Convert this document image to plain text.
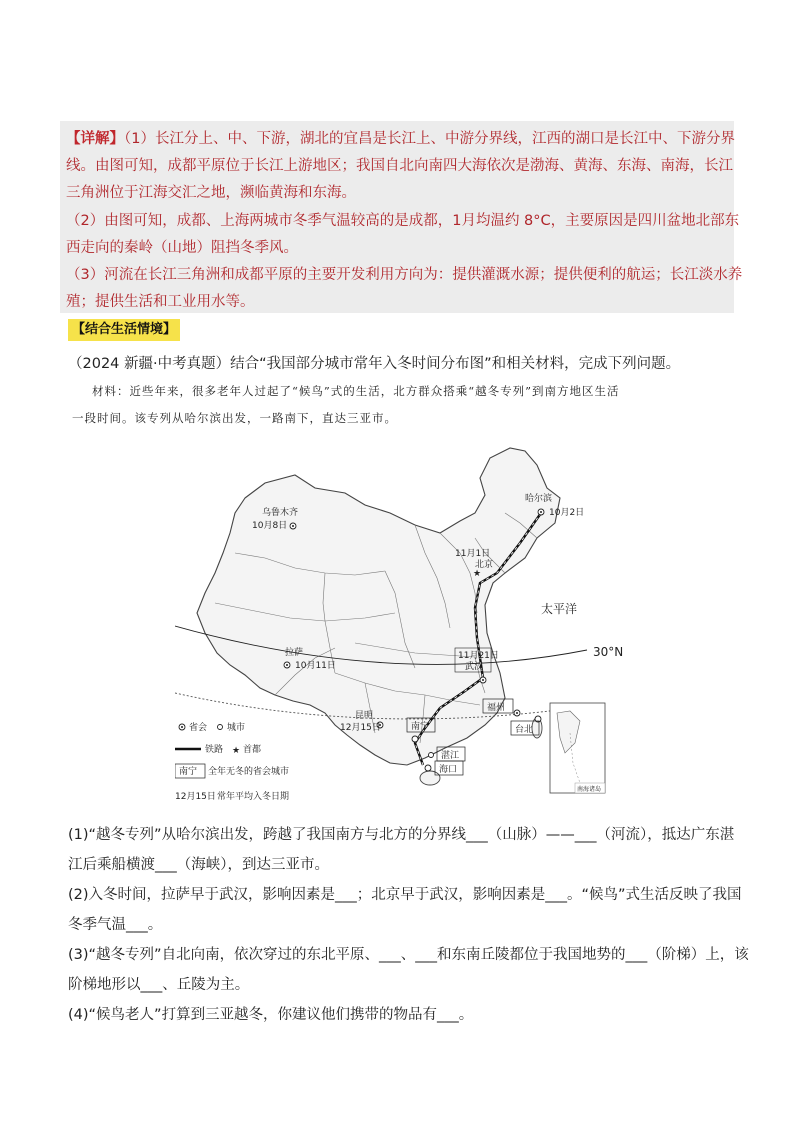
【详解】（1）长江分上、中、下游，湖北的宜昌是长江上、中游分界线，江西的湖口是长江中、下游分界
线。由图可知，成都平原位于长江上游地区；我国自北向南四大海依次是渤海、黄海、东海、南海，长江
三角洲位于江海交汇之地，濒临黄海和东海。
（2）由图可知，成都、上海两城市冬季气温较高的是成都，1月均温约 8°C，主要原因是四川盆地北部东
西走向的秦岭（山地）阻挡冬季风。
（3）河流在长江三角洲和成都平原的主要开发利用方向为：提供灌溉水源；提供便利的航运；长江淡水养
殖；提供生活和工业用水等。
【结合生活情境】
（2024 新疆·中考真题）结合“我国部分城市常年入冬时间分布图”和相关材料，完成下列问题。
材料：近些年来，很多老年人过起了“候鸟”式的生活，北方群众搭乘“越冬专列”到南方地区生活
一段时间。该专列从哈尔滨出发，一路南下，直达三亚市。
★
乌鲁木齐
10月8日
哈尔滨
10月2日
11月1日
北京
太平洋
30°N
拉萨
10月11日
11月21日
武汉
福州
昆明
12月15日	南宁	台北
湛江
海口
南海诸岛
省会 城市
铁路 ★ 首都
南宁 全年无冬的省会城市
12月15日 常年平均入冬日期
(1)“越冬专列”从哈尔滨出发，跨越了我国南方与北方的分界线___（山脉）——___（河流），抵达广东湛
江后乘船横渡___（海峡），到达三亚市。
(2)入冬时间，拉萨早于武汉，影响因素是___；北京早于武汉，影响因素是___。“候鸟”式生活反映了我国
冬季气温___。
(3)“越冬专列”自北向南，依次穿过的东北平原、___、___和东南丘陵都位于我国地势的___（阶梯）上，该
阶梯地形以___、丘陵为主。
(4)“候鸟老人”打算到三亚越冬，你建议他们携带的物品有___。
